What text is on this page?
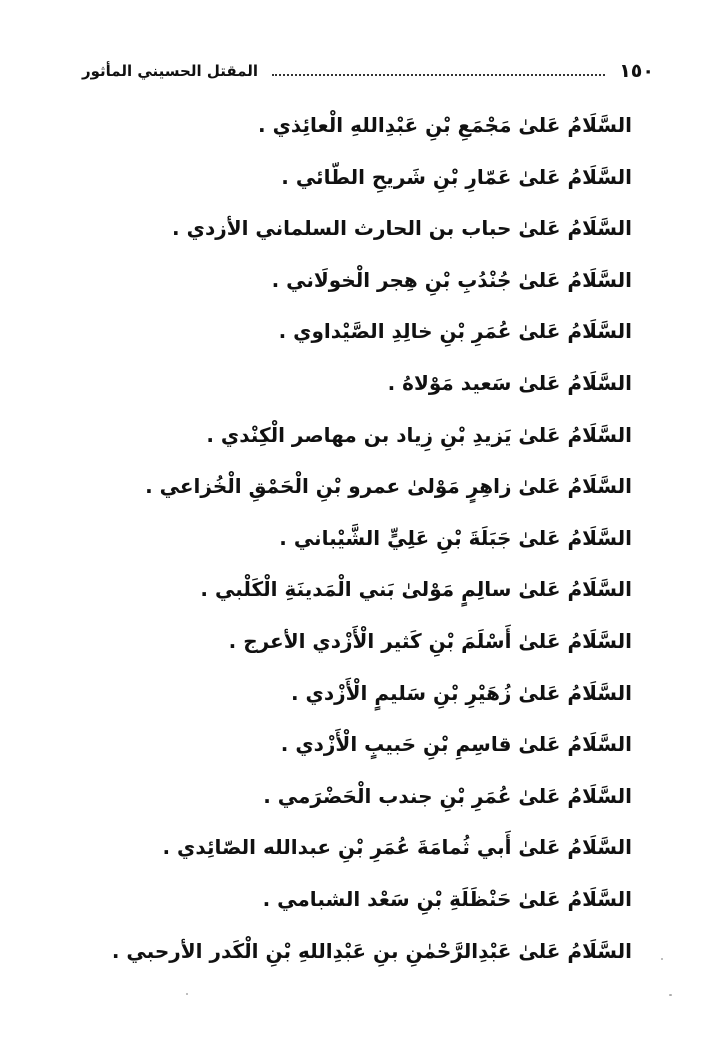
١٥٠
المقتل الحسيني المأثور
السَّلَامُ عَلىٰ مَجْمَعِ بْنِ عَبْدِاللهِ الْعائِذي .
السَّلَامُ عَلىٰ عَمّارِ بْنِ شَريحِ الطّائي .
السَّلَامُ عَلىٰ حباب بن الحارث السلماني الأزدي .
السَّلَامُ عَلىٰ جُنْدُبِ بْنِ هِجر الْخولَاني .
السَّلَامُ عَلىٰ عُمَرِ بْنِ خالِدِ الصَّيْداوي .
السَّلَامُ عَلىٰ سَعيد مَوْلاهُ .
السَّلَامُ عَلىٰ يَزيدِ بْنِ زِياد بن مهاصر الْكِنْدي .
السَّلَامُ عَلىٰ زاهِرٍ مَوْلىٰ عمرو بْنِ الْحَمْقِ الْخُزاعي .
السَّلَامُ عَلىٰ جَبَلَةَ بْنِ عَلِيٍّ الشَّيْباني .
السَّلَامُ عَلىٰ سالِمٍ مَوْلىٰ بَني الْمَدينَةِ الْكَلْبي .
السَّلَامُ عَلىٰ أَسْلَمَ بْنِ كَثير الْأَزْدي الأعرج .
السَّلَامُ عَلىٰ زُهَيْرِ بْنِ سَليمٍ الْأَزْدي .
السَّلَامُ عَلىٰ قاسِمِ بْنِ حَبيبٍ الْأَزْدي .
السَّلَامُ عَلىٰ عُمَرِ بْنِ جندب الْحَضْرَمي .
السَّلَامُ عَلىٰ أَبي ثُمامَةَ عُمَرِ بْنِ عبدالله الصّائِدي .
السَّلَامُ عَلىٰ حَنْظَلَةِ بْنِ سَعْد الشبامي .
السَّلَامُ عَلىٰ عَبْدِالرَّحْمٰنِ بنِ عَبْدِاللهِ بْنِ الْكَدر الأرحبي .
